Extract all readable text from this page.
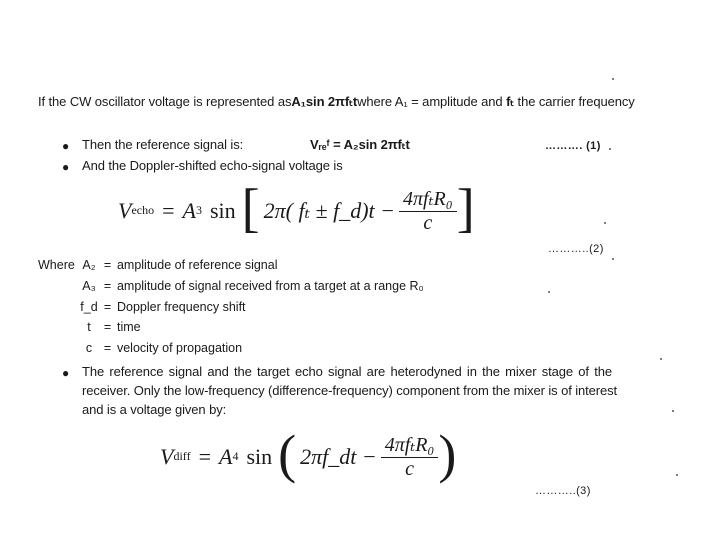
If the CW oscillator voltage is represented asA₁sin 2πfₜtwhere A₁ = amplitude and fₜ the carrier frequency
● Then the reference signal is:	Vᵣₑᶠ = A₂sin 2πfₜt	………. (1)
● And the Doppler-shifted echo-signal voltage is
V echo = A 3 sin [ 2π( fₜ ± f_d)t − $\frac{\text{4πfₜR₀}}{c}$ ]
………..(2)
Where A₂ = amplitude of reference signal
A₃ = amplitude of signal received from a target at a range R₀
f_d = Doppler frequency shift
t = time
c = velocity of propagation
● The reference signal and the target echo signal are heterodyned in the mixer stage of the
receiver. Only the low-frequency (difference-frequency) component from the mixer is of interest
and is a voltage given by:
V diff = A 4 sin ( 2πf_dt − $\frac{\text{4πfₜR₀}}{c}$ )
………..(3)
